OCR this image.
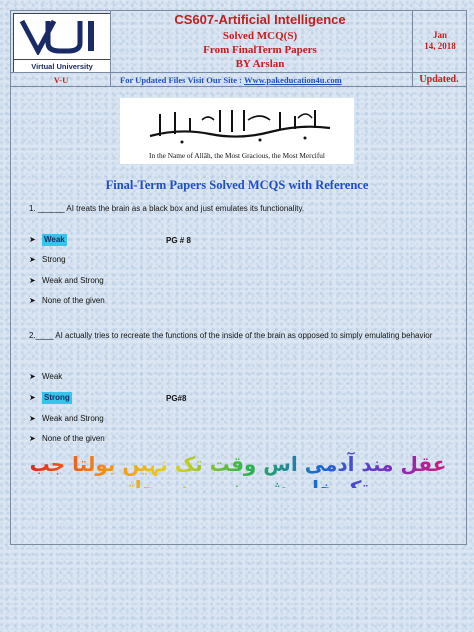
Virtual University
CS607-Artificial Intelligence
Solved MCQ(S)
From FinalTerm Papers
BY Arslan
Jan
14, 2018
V-U	For Updated Files Visit Our Site : Www.pakeducation4u.com	Updated.
In the Name of Allāh, the Most Gracious, the Most Merciful
Final-Term Papers Solved MCQS with Reference
1. ______ AI treats the brain as a black box and just emulates its functionality.
➤	Weak	PG # 8
➤ Strong
➤ Weak and Strong
➤ None of the given
2.____ AI actually tries to recreate the functions of the inside of the brain as opposed to simply emulating behavior
➤ Weak
➤	Strong	PG#8
➤ Weak and Strong
➤ None of the given
عقل مند آدمی اس وقت تک نہیں بولتا جب تک خاموشی نہیں ہو جاتی
